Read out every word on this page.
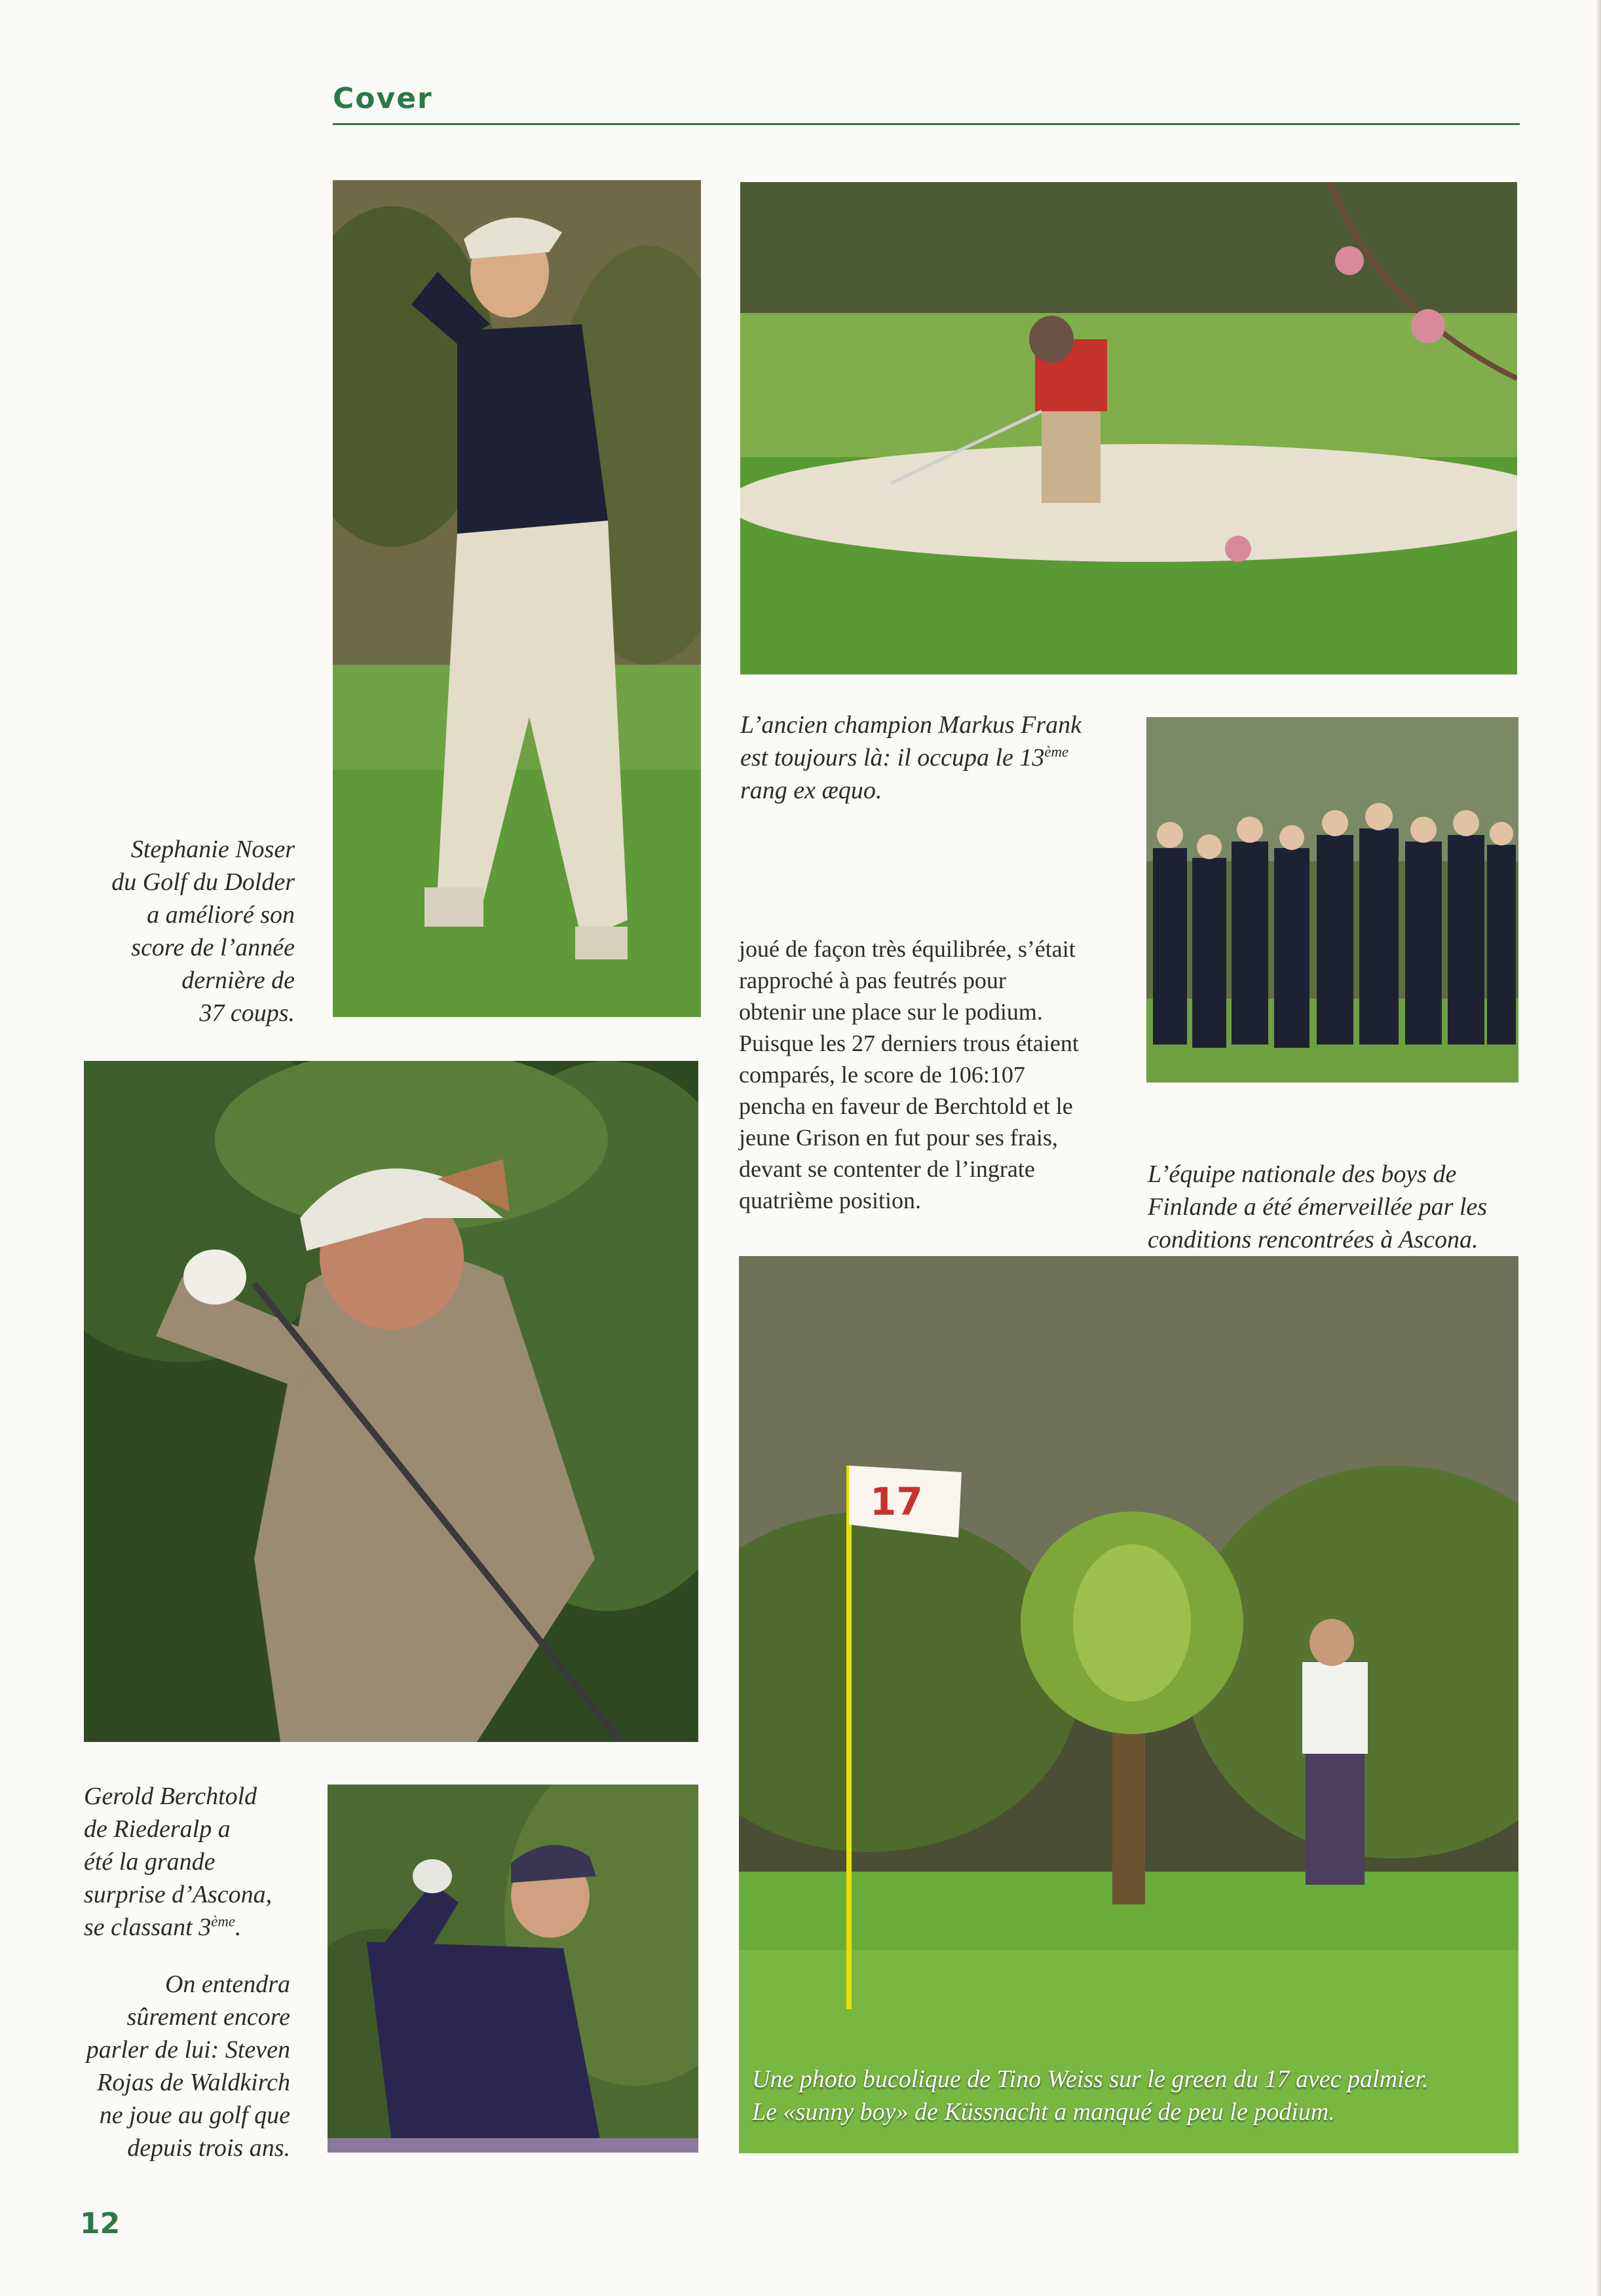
Cover
L’ancien champion Markus Frank
est toujours là: il occupa le 13ème
rang ex æquo.
Stephanie Noser
du Golf du Dolder
a amélioré son
score de l’année
dernière de
37 coups.
joué de façon très équilibrée, s’était
rapproché à pas feutrés pour
obtenir une place sur le podium.
Puisque les 27 derniers trous étaient
comparés, le score de 106:107
pencha en faveur de Berchtold et le
jeune Grison en fut pour ses frais,
devant se contenter de l’ingrate
quatrième position.
L’équipe nationale des boys de
Finlande a été émerveillée par les
conditions rencontrées à Ascona.
17
Une photo bucolique de Tino Weiss sur le green du 17 avec palmier.
Le «sunny boy» de Küssnacht a manqué de peu le podium.
Gerold Berchtold
de Riederalp a
été la grande
surprise d’Ascona,
se classant 3ème.
On entendra
sûrement encore
parler de lui: Steven
Rojas de Waldkirch
ne joue au golf que
depuis trois ans.
12
